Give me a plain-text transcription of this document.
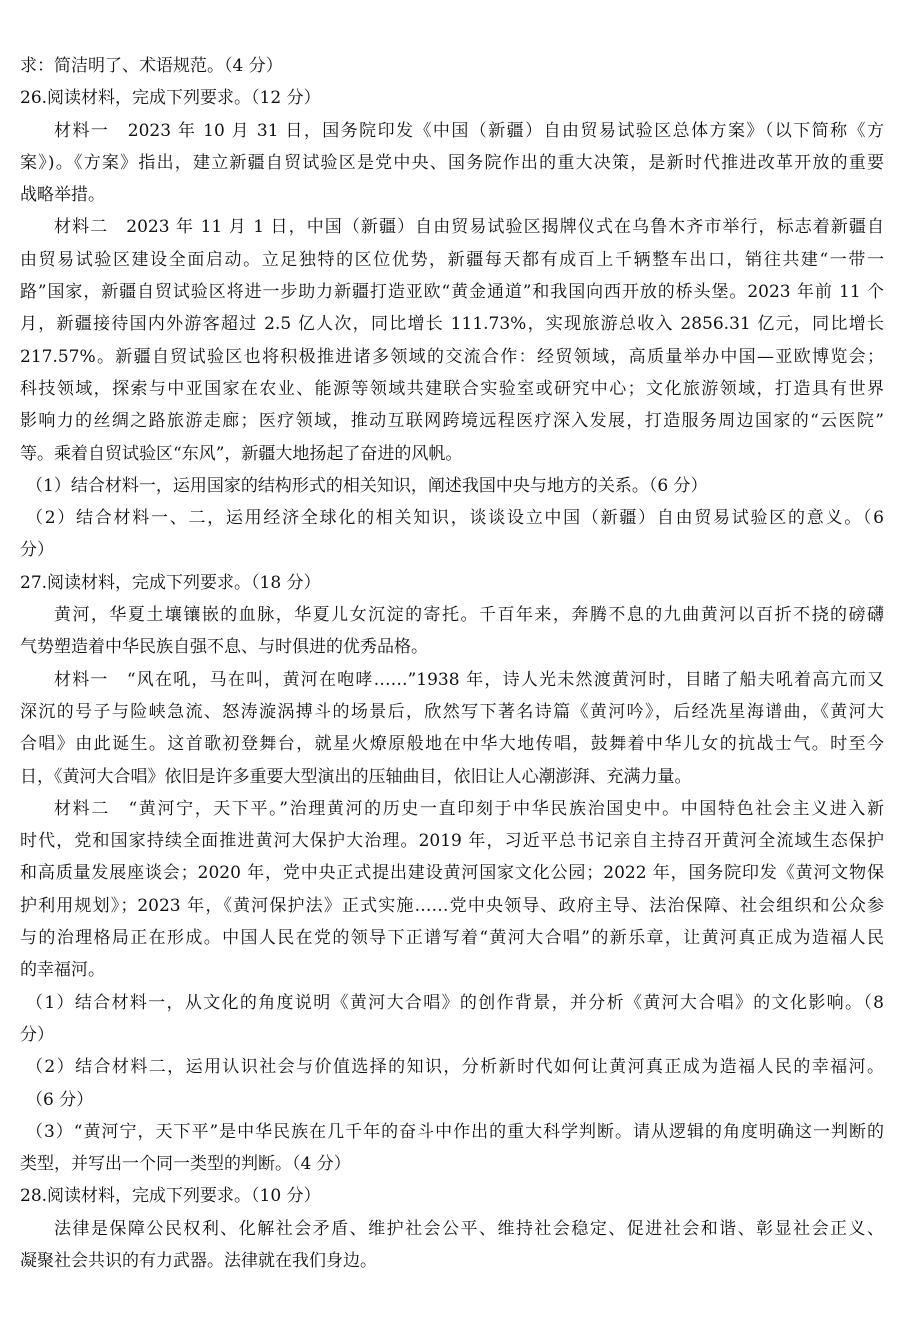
求：简洁明了、术语规范。（4 分）
26.阅读材料，完成下列要求。（12 分）
材料一　2023 年 10 月 31 日，国务院印发《中国（新疆）自由贸易试验区总体方案》（以下简称《方
案》)。《方案》指出，建立新疆自贸试验区是党中央、国务院作出的重大决策，是新时代推进改革开放的重要
战略举措。
材料二　2023 年 11 月 1 日，中国（新疆）自由贸易试验区揭牌仪式在乌鲁木齐市举行，标志着新疆自
由贸易试验区建设全面启动。立足独特的区位优势，新疆每天都有成百上千辆整车出口，销往共建“一带一
路”国家，新疆自贸试验区将进一步助力新疆打造亚欧“黄金通道”和我国向西开放的桥头堡。2023 年前 11 个
月，新疆接待国内外游客超过 2.5 亿人次，同比增长 111.73%，实现旅游总收入 2856.31 亿元，同比增长
217.57%。新疆自贸试验区也将积极推进诸多领域的交流合作：经贸领域，高质量举办中国—亚欧博览会；
科技领域，探索与中亚国家在农业、能源等领域共建联合实验室或研究中心；文化旅游领域，打造具有世界
影响力的丝绸之路旅游走廊；医疗领域，推动互联网跨境远程医疗深入发展，打造服务周边国家的“云医院”
等。乘着自贸试验区“东风”，新疆大地扬起了奋进的风帆。
（1）结合材料一，运用国家的结构形式的相关知识，阐述我国中央与地方的关系。（6 分）
（2）结合材料一、二，运用经济全球化的相关知识，谈谈设立中国（新疆）自由贸易试验区的意义。（6
分）
27.阅读材料，完成下列要求。（18 分）
黄河，华夏土壤镶嵌的血脉，华夏儿女沉淀的寄托。千百年来，奔腾不息的九曲黄河以百折不挠的磅礴
气势塑造着中华民族自强不息、与时俱进的优秀品格。
材料一　“风在吼，马在叫，黄河在咆哮……”1938 年，诗人光未然渡黄河时，目睹了船夫吼着高亢而又
深沉的号子与险峡急流、怒涛漩涡搏斗的场景后，欣然写下著名诗篇《黄河吟》，后经冼星海谱曲，《黄河大
合唱》由此诞生。这首歌初登舞台，就星火燎原般地在中华大地传唱，鼓舞着中华儿女的抗战士气。时至今
日，《黄河大合唱》依旧是许多重要大型演出的压轴曲目，依旧让人心潮澎湃、充满力量。
材料二　“黄河宁，天下平。”治理黄河的历史一直印刻于中华民族治国史中。中国特色社会主义进入新
时代，党和国家持续全面推进黄河大保护大治理。2019 年，习近平总书记亲自主持召开黄河全流域生态保护
和高质量发展座谈会；2020 年，党中央正式提出建设黄河国家文化公园；2022 年，国务院印发《黄河文物保
护利用规划》；2023 年，《黄河保护法》正式实施……党中央领导、政府主导、法治保障、社会组织和公众参
与的治理格局正在形成。中国人民在党的领导下正谱写着“黄河大合唱”的新乐章，让黄河真正成为造福人民
的幸福河。
（1）结合材料一，从文化的角度说明《黄河大合唱》的创作背景，并分析《黄河大合唱》的文化影响。（8
分）
（2）结合材料二，运用认识社会与价值选择的知识，分析新时代如何让黄河真正成为造福人民的幸福河。
（6 分）
（3）“黄河宁，天下平”是中华民族在几千年的奋斗中作出的重大科学判断。请从逻辑的角度明确这一判断的
类型，并写出一个同一类型的判断。（4 分）
28.阅读材料，完成下列要求。（10 分）
法律是保障公民权利、化解社会矛盾、维护社会公平、维持社会稳定、促进社会和谐、彰显社会正义、
凝聚社会共识的有力武器。法律就在我们身边。
